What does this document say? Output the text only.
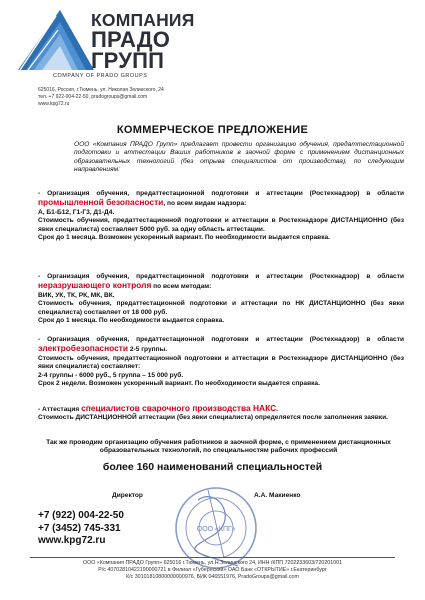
КОМПАНИЯ
ПРАДО
ГРУПП
COMPANY OF PRADO GROUPS
625016, Россия, г.Тюмень, ул. Николая Зелинского, 24
тел. +7 922-004-22-50, pradogroups@gmail.com
www.kpg72.ru
КОММЕРЧЕСКОЕ ПРЕДЛОЖЕНИЕ
ООО «Компания ПРАДО Групп» предлагает провести организацию обучения, предаттестационной подготовки и аттестации Ваших работников в заочной форме с применением дистанционных образовательных технологий (без отрыва специалистов от производства), по следующим направлениям:
- Организация обучения, предаттестационной подготовки и аттестации (Ростехнадзор) в области промышленной безопасности, по всем видам надзора:
А, Б1-Б12, Г1-Г3, Д1-Д4.
Стоимость обучения, предаттестационной подготовки и аттестации в Ростехнадзоре ДИСТАНЦИОННО (без явки специалиста) составляет 5000 руб. за одну область аттестации.
Срок до 1 месяца. Возможен ускоренный вариант. По необходимости выдается справка.
- Организация обучения, предаттестационной подготовки и аттестации (Ростехнадзор) в области неразрушающего контроля по всем методам:
ВИК, УК, ТК, РК, МК, ВК.
Стоимость обучения, предаттестационной подготовки и аттестации по НК ДИСТАНЦИОННО (без явки специалиста) составляет от 18 000 руб.
Срок до 1 месяца. По необходимости выдается справка.
- Организация обучения, предаттестационной подготовки и аттестации (Ростехнадзор) в области электробезопасности 2-5 группы.
Стоимость обучения, предаттестационной подготовки и аттестации в Ростехнадзоре ДИСТАНЦИОННО (без явки специалиста) составляет:
2-4 группы - 6000 руб., 5 группа – 15 000 руб.
Срок 2 недели. Возможен ускоренный вариант. По необходимости выдается справка.
- Аттестация специалистов сварочного производства НАКС.
Стоимость ДИСТАНЦИОННОЙ аттестации (без явки специалиста) определяется после заполнения заявки.
Так же проводим организацию обучения работников в заочной форме, с применением дистанционных образовательных технологий, по специальностям рабочих профессий
более 160 наименований специальностей
Директор	А.А. Макиенко
ООО «КПГ»
+7 (922) 004-22-50
+7 (3452) 745-331
www.kpg72.ru
ООО «Компания ПРАДО Групп» 625016 г.Тюмень, ул.Н.Зелинского 24, ИНН /КПП 7202233603/720201001
Р/с 40702810422190000721 в Филиал «Губернский» ОАО Банк «ОТКРЫТИЕ» г.Екатеринбург
К/с 30101810800000000976, БИК 046551976, PradoGroups@gmail.com
